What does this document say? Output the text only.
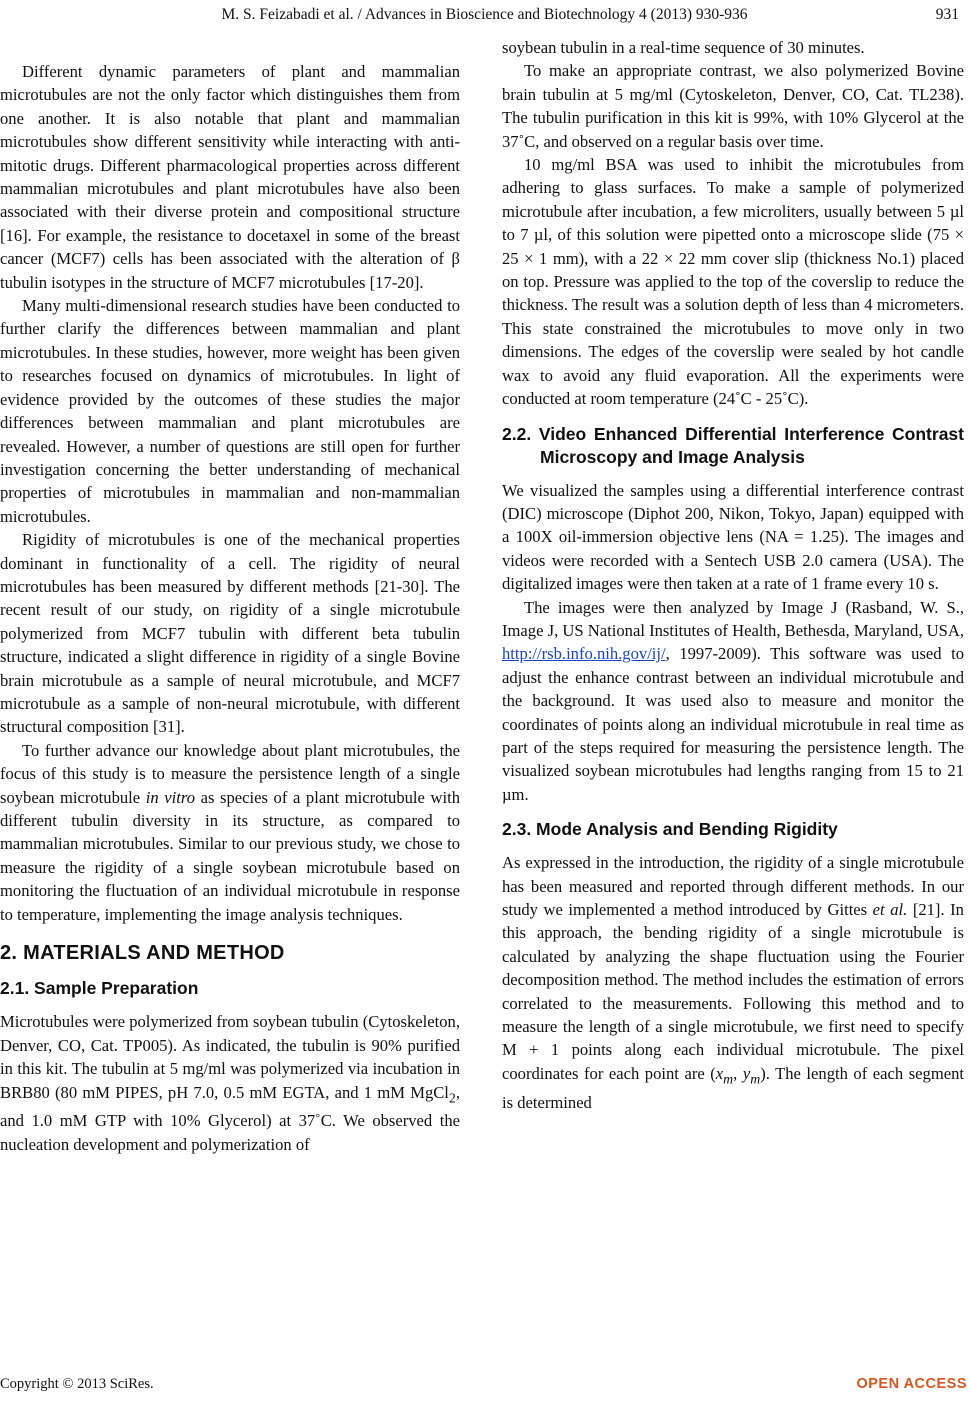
M. S. Feizabadi et al. / Advances in Bioscience and Biotechnology 4 (2013) 930-936	931

Different dynamic parameters of plant and mammalian microtubules are not the only factor which distinguishes them from one another. It is also notable that plant and mammalian microtubules show different sensitivity while interacting with anti-mitotic drugs. Different pharmacological properties across different mammalian microtubules and plant microtubules have also been associated with their diverse protein and compositional structure [16]. For example, the resistance to docetaxel in some of the breast cancer (MCF7) cells has been associated with the alteration of β tubulin isotypes in the structure of MCF7 microtubules [17-20].

Many multi-dimensional research studies have been conducted to further clarify the differences between mammalian and plant microtubules. In these studies, however, more weight has been given to researches focused on dynamics of microtubules. In light of evidence provided by the outcomes of these studies the major differences between mammalian and plant microtubules are revealed. However, a number of questions are still open for further investigation concerning the better understanding of mechanical properties of microtubules in mammalian and non-mammalian microtubules.

Rigidity of microtubules is one of the mechanical properties dominant in functionality of a cell. The rigidity of neural microtubules has been measured by different methods [21-30]. The recent result of our study, on rigidity of a single microtubule polymerized from MCF7 tubulin with different beta tubulin structure, indicated a slight difference in rigidity of a single Bovine brain microtubule as a sample of neural microtubule, and MCF7 microtubule as a sample of non-neural microtubule, with different structural composition [31].

To further advance our knowledge about plant microtubules, the focus of this study is to measure the persistence length of a single soybean microtubule in vitro as species of a plant microtubule with different tubulin diversity in its structure, as compared to mammalian microtubules. Similar to our previous study, we chose to measure the rigidity of a single soybean microtubule based on monitoring the fluctuation of an individual microtubule in response to temperature, implementing the image analysis techniques.

2. MATERIALS AND METHOD
2.1. Sample Preparation

Microtubules were polymerized from soybean tubulin (Cytoskeleton, Denver, CO, Cat. TP005). As indicated, the tubulin is 90% purified in this kit. The tubulin at 5 mg/ml was polymerized via incubation in BRB80 (80 mM PIPES, pH 7.0, 0.5 mM EGTA, and 1 mM MgCl$_2$, and 1.0 mM GTP with 10% Glycerol) at 37˚C. We observed the nucleation development and polymerization of

soybean tubulin in a real-time sequence of 30 minutes.

To make an appropriate contrast, we also polymerized Bovine brain tubulin at 5 mg/ml (Cytoskeleton, Denver, CO, Cat. TL238). The tubulin purification in this kit is 99%, with 10% Glycerol at the 37˚C, and observed on a regular basis over time.

10 mg/ml BSA was used to inhibit the microtubules from adhering to glass surfaces. To make a sample of polymerized microtubule after incubation, a few microliters, usually between 5 µl to 7 µl, of this solution were pipetted onto a microscope slide (75 × 25 × 1 mm), with a 22 × 22 mm cover slip (thickness No.1) placed on top. Pressure was applied to the top of the coverslip to reduce the thickness. The result was a solution depth of less than 4 micrometers. This state constrained the microtubules to move only in two dimensions. The edges of the coverslip were sealed by hot candle wax to avoid any fluid evaporation. All the experiments were conducted at room temperature (24˚C - 25˚C).

2.2. Video Enhanced Differential Interference Contrast Microscopy and Image Analysis

We visualized the samples using a differential interference contrast (DIC) microscope (Diphot 200, Nikon, Tokyo, Japan) equipped with a 100X oil-immersion objective lens (NA = 1.25). The images and videos were recorded with a Sentech USB 2.0 camera (USA). The digitalized images were then taken at a rate of 1 frame every 10 s.

The images were then analyzed by Image J (Rasband, W. S., Image J, US National Institutes of Health, Bethesda, Maryland, USA, http://rsb.info.nih.gov/ij/, 1997-2009). This software was used to adjust the enhance contrast between an individual microtubule and the background. It was used also to measure and monitor the coordinates of points along an individual microtubule in real time as part of the steps required for measuring the persistence length. The visualized soybean microtubules had lengths ranging from 15 to 21 µm.

2.3. Mode Analysis and Bending Rigidity

As expressed in the introduction, the rigidity of a single microtubule has been measured and reported through different methods. In our study we implemented a method introduced by Gittes et al. [21]. In this approach, the bending rigidity of a single microtubule is calculated by analyzing the shape fluctuation using the Fourier decomposition method. The method includes the estimation of errors correlated to the measurements. Following this method and to measure the length of a single microtubule, we first need to specify M + 1 points along each individual microtubule. The pixel coordinates for each point are ($x_m$, $y_m$). The length of each segment is determined

Copyright © 2013 SciRes.	OPEN ACCESS
